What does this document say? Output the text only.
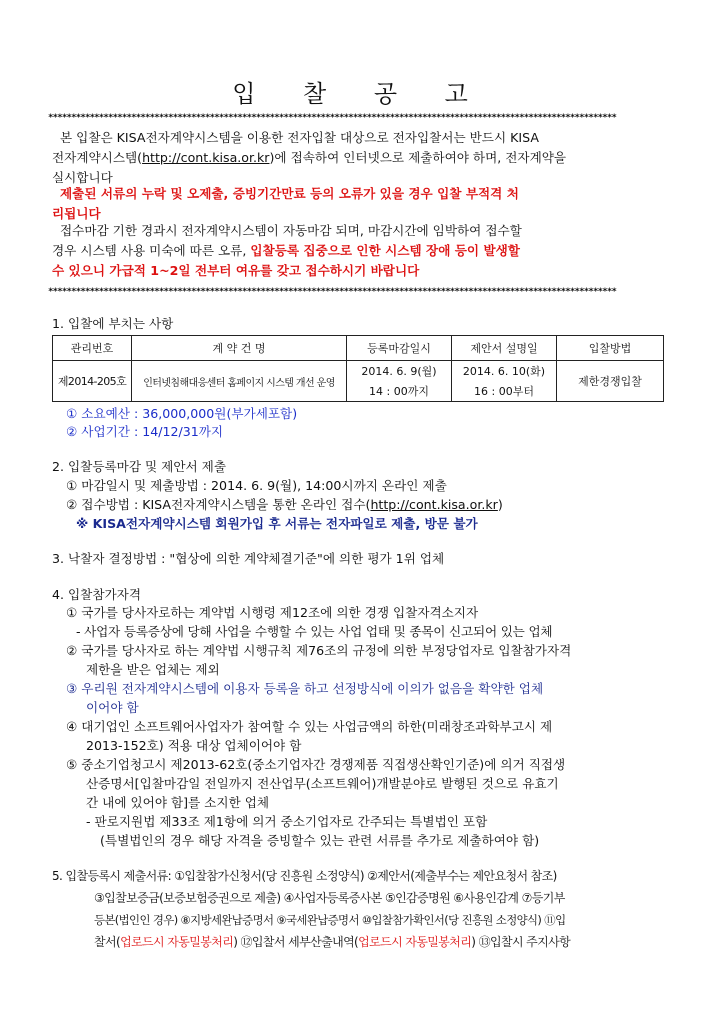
입 찰 공 고
***************************************************************************************************************************
본 입찰은 KISA전자계약시스템을 이용한 전자입찰 대상으로 전자입찰서는 반드시 KISA
전자계약시스템(http://cont.kisa.or.kr)에 접속하여 인터넷으로 제출하여야 하며, 전자계약을
실시합니다
제출된 서류의 누락 및 오제출, 증빙기간만료 등의 오류가 있을 경우 입찰 부적격 처
리됩니다
접수마감 기한 경과시 전자계약시스템이 자동마감 되며, 마감시간에 임박하여 접수할
경우 시스템 사용 미숙에 따른 오류, 입찰등록 집중으로 인한 시스템 장애 등이 발생할
수 있으니 가급적 1~2일 전부터 여유를 갖고 접수하시기 바랍니다
***************************************************************************************************************************
1. 입찰에 부치는 사항
관리번호	계 약 건 명	등록마감일시	제안서 설명일	입찰방법
제2014-205호	인터넷침해대응센터 홈페이지 시스템 개선 운영	2014. 6. 9(월)	2014. 6. 10(화)	제한경쟁입찰
		14 : 00까지	16 : 00부터	
① 소요예산 : 36,000,000원(부가세포함)
② 사업기간 : 14/12/31까지
2. 입찰등록마감 및 제안서 제출
① 마감일시 및 제출방법 : 2014. 6. 9(월), 14:00시까지 온라인 제출
② 접수방법 : KISA전자계약시스템을 통한 온라인 접수(http://cont.kisa.or.kr)
※ KISA전자계약시스템 회원가입 후 서류는 전자파일로 제출, 방문 불가
3. 낙찰자 결정방법 : "협상에 의한 계약체결기준"에 의한 평가 1위 업체
4. 입찰참가자격
① 국가를 당사자로하는 계약법 시행령 제12조에 의한 경쟁 입찰자격소지자
- 사업자 등록증상에 당해 사업을 수행할 수 있는 사업 업태 및 종목이 신고되어 있는 업체
② 국가를 당사자로 하는 계약법 시행규칙 제76조의 규정에 의한 부정당업자로 입찰참가자격
제한을 받은 업체는 제외
③ 우리원 전자계약시스템에 이용자 등록을 하고 선정방식에 이의가 없음을 확약한 업체
이어야 함
④ 대기업인 소프트웨어사업자가 참여할 수 있는 사업금액의 하한(미래창조과학부고시 제
2013-152호) 적용 대상 업체이어야 함
⑤ 중소기업청고시 제2013-62호(중소기업자간 경쟁제품 직접생산확인기준)에 의거 직접생
산증명서[입찰마감일 전일까지 전산업무(소프트웨어)개발분야로 발행된 것으로 유효기
간 내에 있어야 함]를 소지한 업체
- 판로지원법 제33조 제1항에 의거 중소기업자로 간주되는 특별법인 포함
(특별법인의 경우 해당 자격을 증빙할수 있는 관련 서류를 추가로 제출하여야 함)
5. 입찰등록시 제출서류: ①입찰참가신청서(당 진흥원 소정양식) ②제안서(제출부수는 제안요청서 참조)
③입찰보증금(보증보험증권으로 제출) ④사업자등록증사본 ⑤인감증명원 ⑥사용인감계 ⑦등기부
등본(법인인 경우) ⑧지방세완납증명서 ⑨국세완납증명서 ⑩입찰참가확인서(당 진흥원 소정양식) ⑪입
찰서(업로드시 자동밀봉처리) ⑫입찰서 세부산출내역(업로드시 자동밀봉처리) ⑬입찰시 주지사항
